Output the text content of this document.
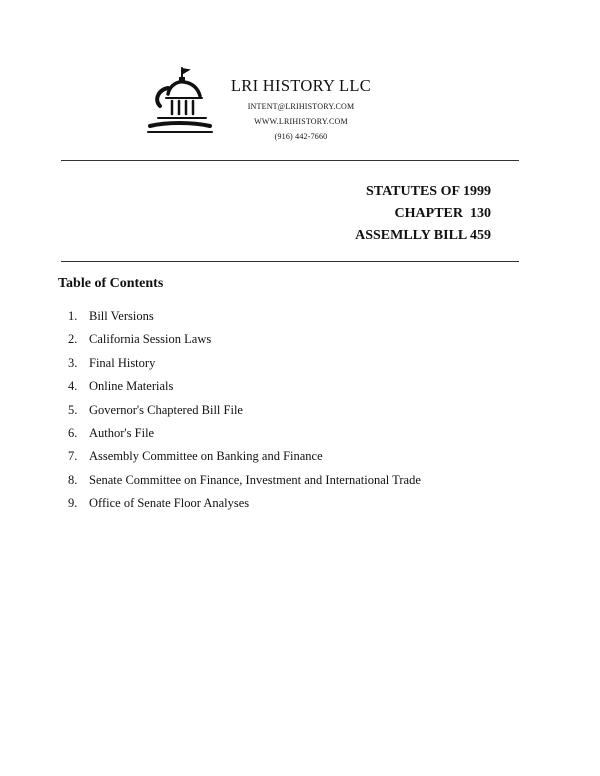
LRI HISTORY LLC
INTENT@LRIHISTORY.COM
WWW.LRIHISTORY.COM
(916) 442-7660
STATUTES OF 1999
CHAPTER  130
ASSEMLLY BILL 459
Table of Contents
1. Bill Versions
2. California Session Laws
3. Final History
4. Online Materials
5. Governor's Chaptered Bill File
6. Author's File
7. Assembly Committee on Banking and Finance
8. Senate Committee on Finance, Investment and International Trade
9. Office of Senate Floor Analyses
